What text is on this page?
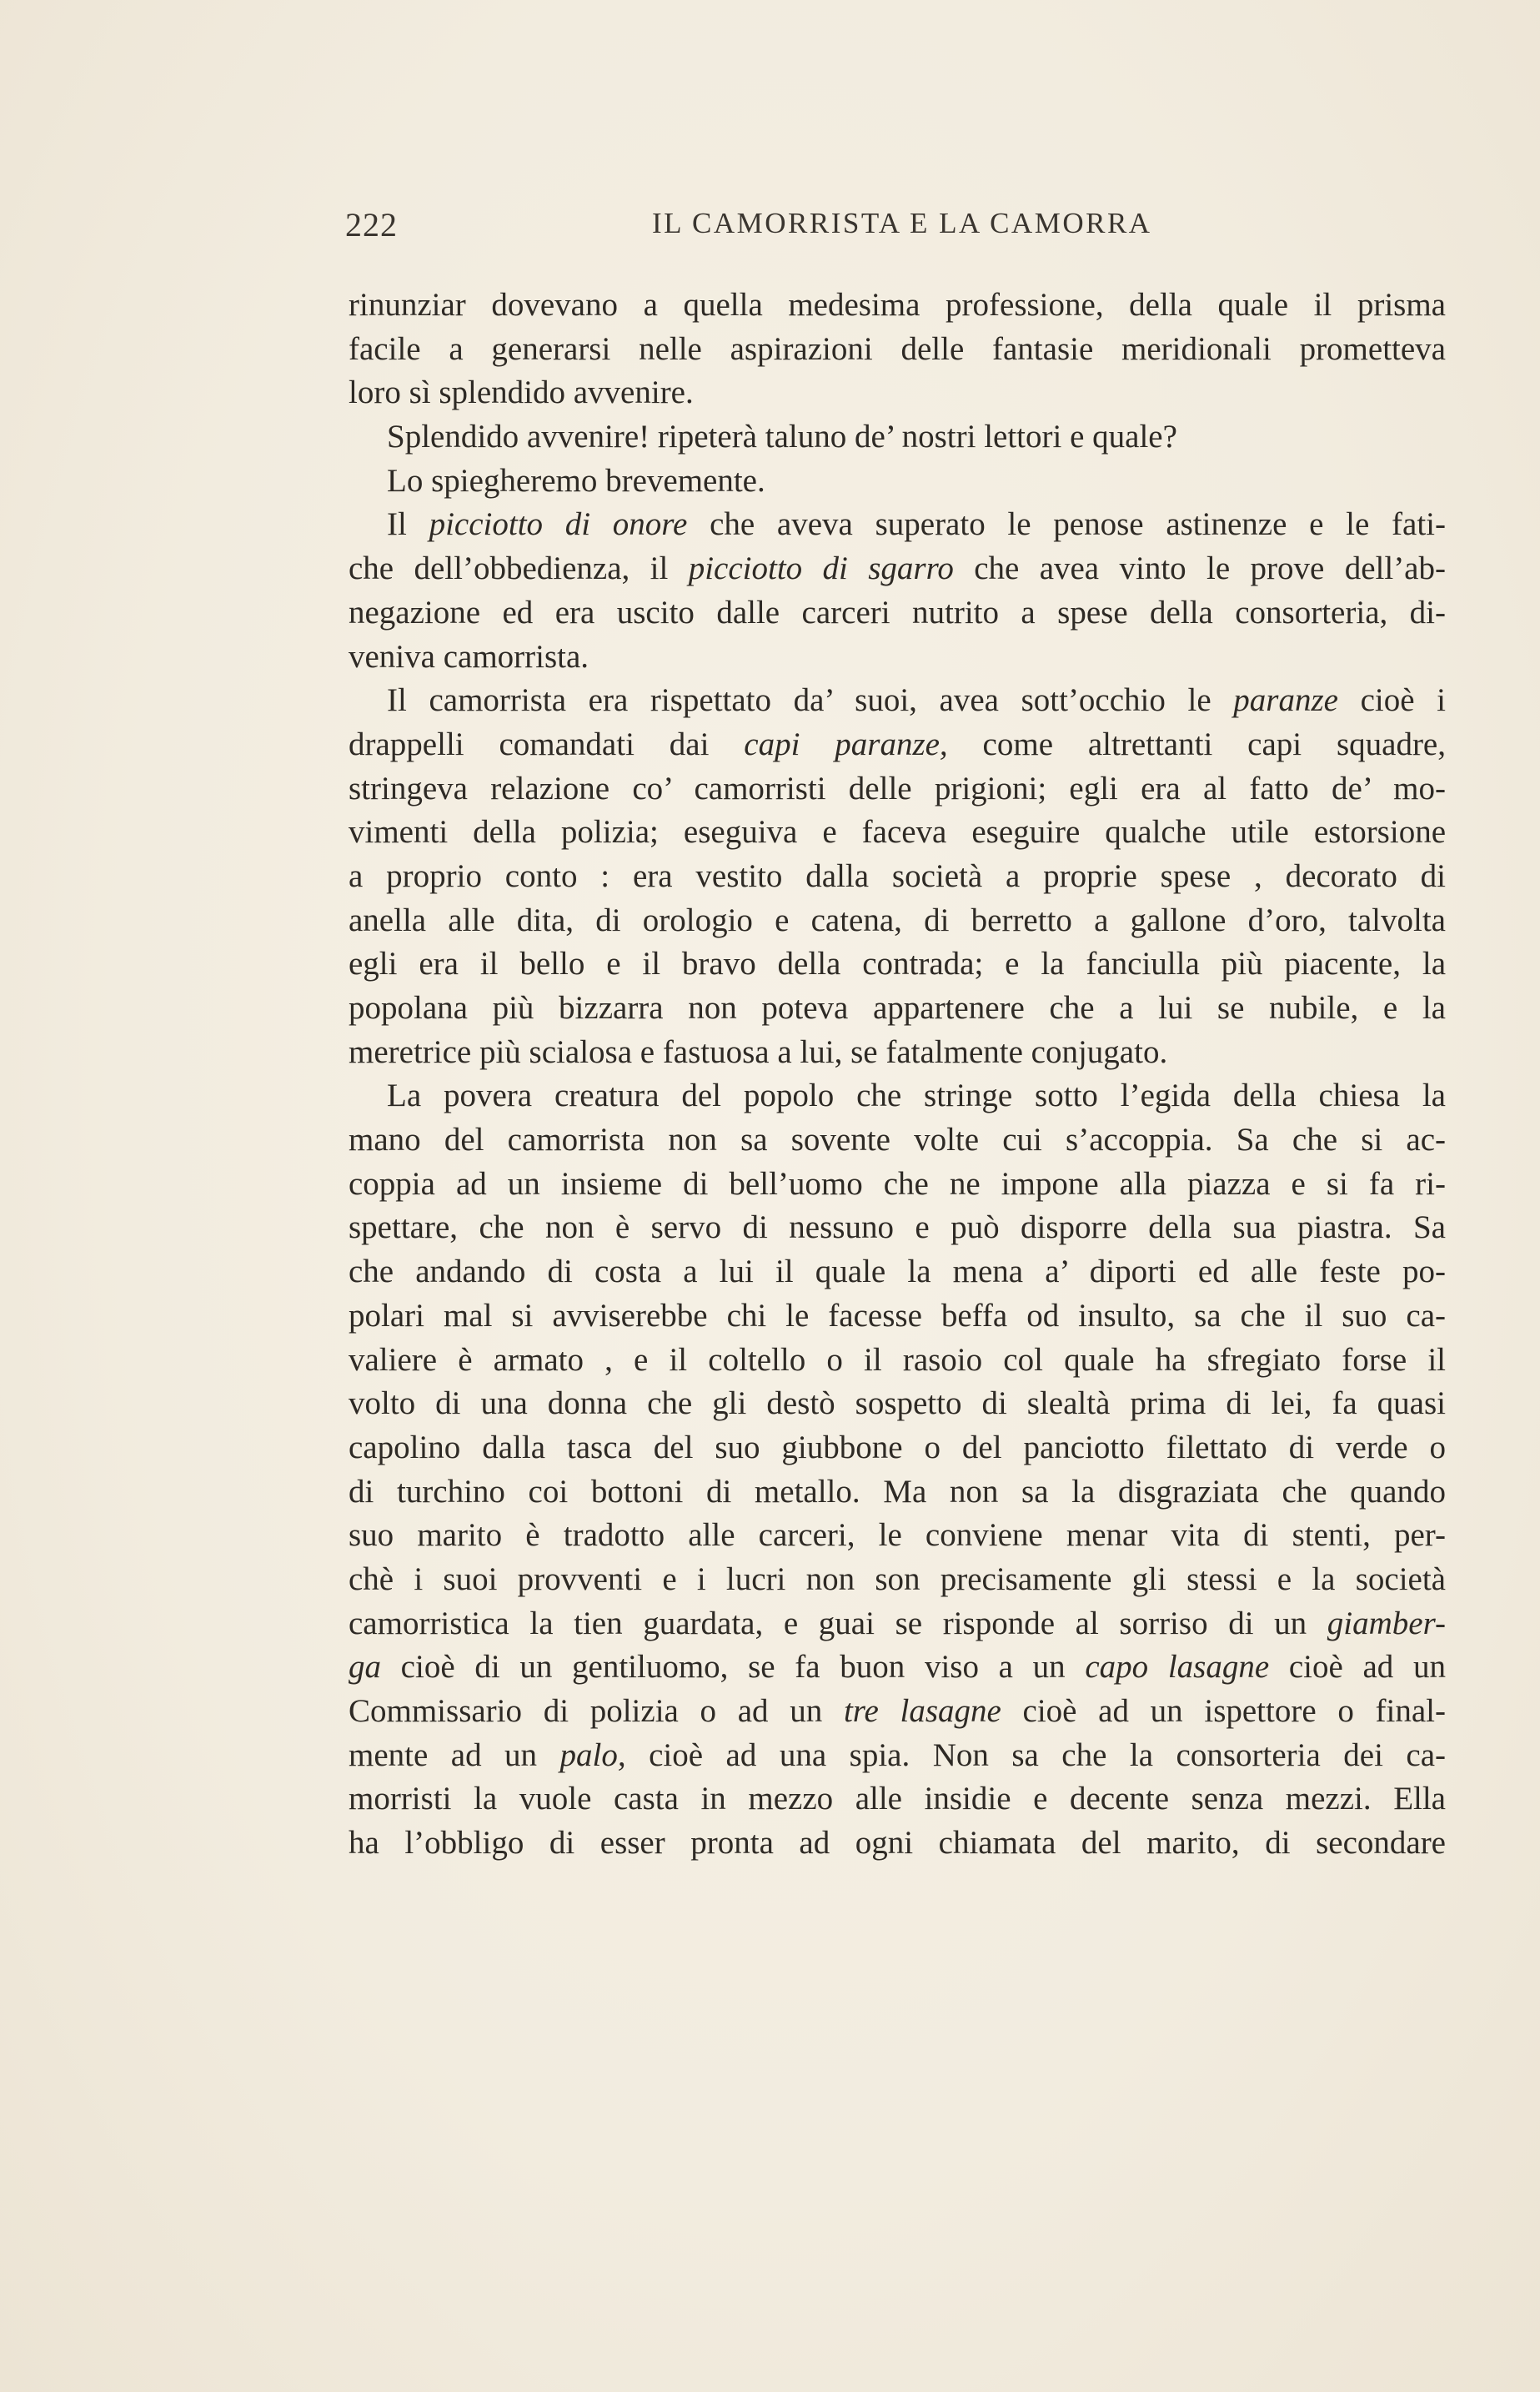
222	IL CAMORRISTA E LA CAMORRA
rinunziar dovevano a quella medesima professione, della quale il prisma
facile a generarsi nelle aspirazioni delle fantasie meridionali prometteva
loro sì splendido avvenire.
Splendido avvenire! ripeterà taluno de’ nostri lettori e quale?
Lo spiegheremo brevemente.
Il picciotto di onore che aveva superato le penose astinenze e le fati-
che dell’obbedienza, il picciotto di sgarro che avea vinto le prove dell’ab-
negazione ed era uscito dalle carceri nutrito a spese della consorteria, di-
veniva camorrista.
Il camorrista era rispettato da’ suoi, avea sott’occhio le paranze cioè i
drappelli comandati dai capi paranze, come altrettanti capi squadre,
stringeva relazione co’ camorristi delle prigioni; egli era al fatto de’ mo-
vimenti della polizia; eseguiva e faceva eseguire qualche utile estorsione
a proprio conto : era vestito dalla società a proprie spese , decorato di
anella alle dita, di orologio e catena, di berretto a gallone d’oro, talvolta
egli era il bello e il bravo della contrada; e la fanciulla più piacente, la
popolana più bizzarra non poteva appartenere che a lui se nubile, e la
meretrice più scialosa e fastuosa a lui, se fatalmente conjugato.
La povera creatura del popolo che stringe sotto l’egida della chiesa la
mano del camorrista non sa sovente volte cui s’accoppia. Sa che si ac-
coppia ad un insieme di bell’uomo che ne impone alla piazza e si fa ri-
spettare, che non è servo di nessuno e può disporre della sua piastra. Sa
che andando di costa a lui il quale la mena a’ diporti ed alle feste po-
polari mal si avviserebbe chi le facesse beffa od insulto, sa che il suo ca-
valiere è armato , e il coltello o il rasoio col quale ha sfregiato forse il
volto di una donna che gli destò sospetto di slealtà prima di lei, fa quasi
capolino dalla tasca del suo giubbone o del panciotto filettato di verde o
di turchino coi bottoni di metallo. Ma non sa la disgraziata che quando
suo marito è tradotto alle carceri, le conviene menar vita di stenti, per-
chè i suoi provventi e i lucri non son precisamente gli stessi e la società
camorristica la tien guardata, e guai se risponde al sorriso di un giamber-
ga cioè di un gentiluomo, se fa buon viso a un capo lasagne cioè ad un
Commissario di polizia o ad un tre lasagne cioè ad un ispettore o final-
mente ad un palo, cioè ad una spia. Non sa che la consorteria dei ca-
morristi la vuole casta in mezzo alle insidie e decente senza mezzi. Ella
ha l’obbligo di esser pronta ad ogni chiamata del marito, di secondare
